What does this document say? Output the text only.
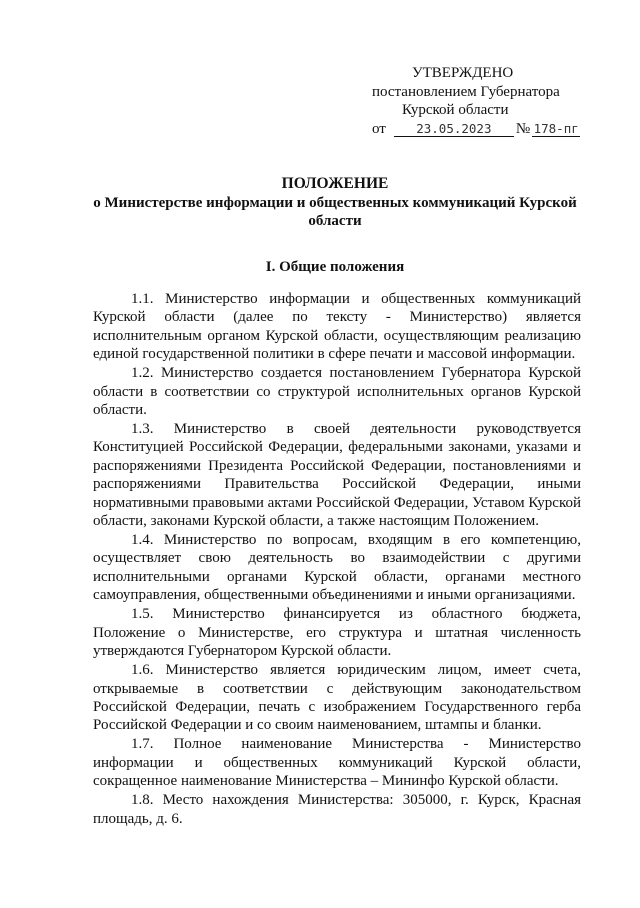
УТВЕРЖДЕНО
постановлением Губернатора
Курской области
от	23.05.2023	№ 178-пг
ПОЛОЖЕНИЕ
о Министерстве информации и общественных коммуникаций Курской области
I. Общие положения

1.1. Министерство информации и общественных коммуникаций Курской области (далее по тексту - Министерство) является исполнительным органом Курской области, осуществляющим реализацию единой государственной политики в сфере печати и массовой информации.

1.2. Министерство создается постановлением Губернатора Курской области в соответствии со структурой исполнительных органов Курской области.

1.3. Министерство в своей деятельности руководствуется Конституцией Российской Федерации, федеральными законами, указами и распоряжениями Президента Российской Федерации, постановлениями и распоряжениями Правительства Российской Федерации, иными нормативными правовыми актами Российской Федерации, Уставом Курской области, законами Курской области, а также настоящим Положением.

1.4. Министерство по вопросам, входящим в его компетенцию, осуществляет свою деятельность во взаимодействии с другими исполнительными органами Курской области, органами местного самоуправления, общественными объединениями и иными организациями.

1.5. Министерство финансируется из областного бюджета, Положение о Министерстве, его структура и штатная численность утверждаются Губернатором Курской области.

1.6. Министерство является юридическим лицом, имеет счета, открываемые в соответствии с действующим законодательством Российской Федерации, печать с изображением Государственного герба Российской Федерации и со своим наименованием, штампы и бланки.

1.7. Полное наименование Министерства - Министерство информации и общественных коммуникаций Курской области, сокращенное наименование Министерства – Мининфо Курской области.

1.8. Место нахождения Министерства: 305000, г. Курск, Красная площадь, д. 6.
